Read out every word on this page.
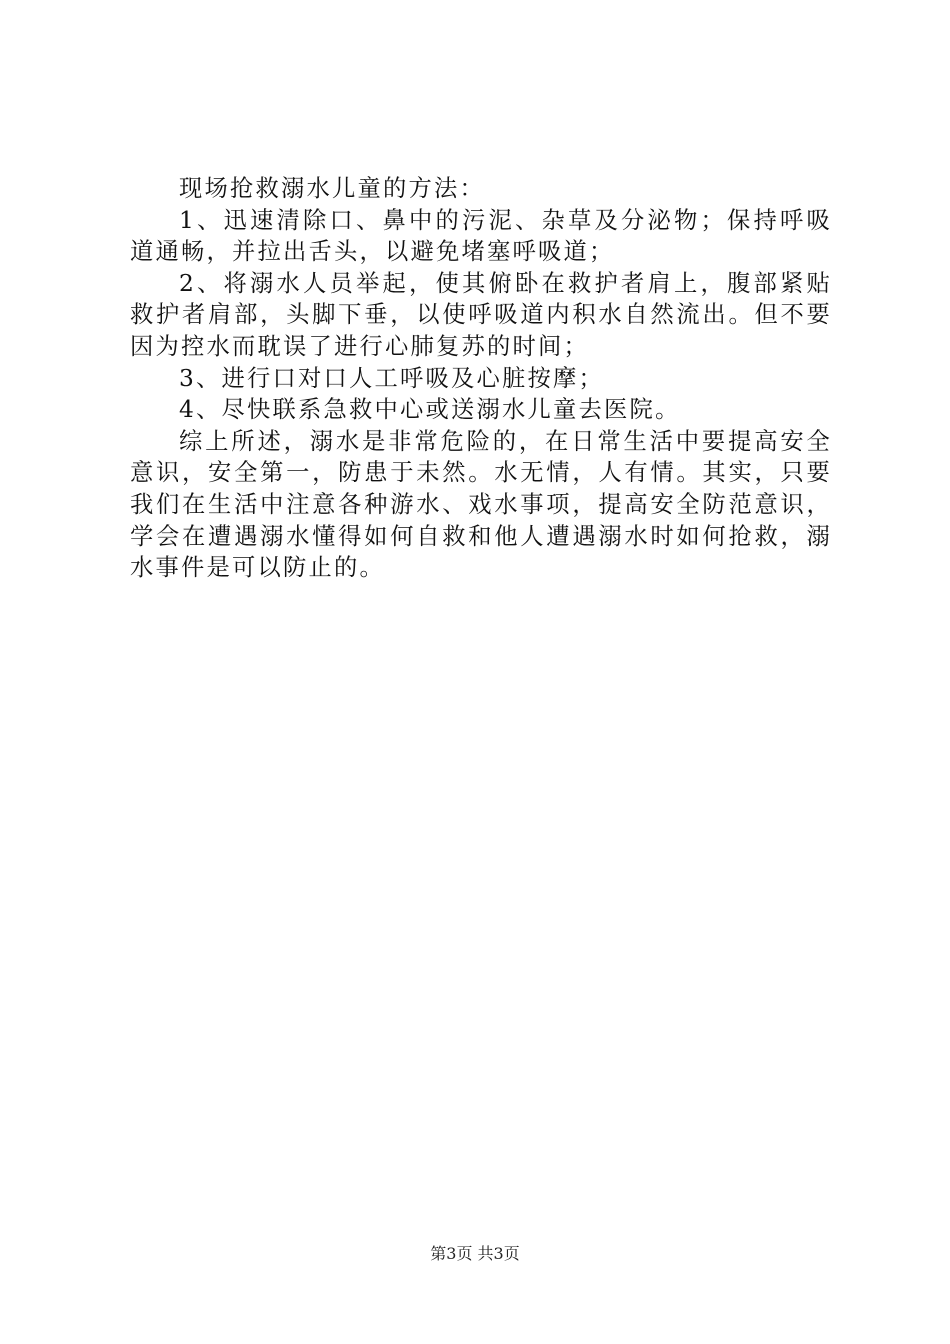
现场抢救溺水儿童的方法：

1、迅速清除口、鼻中的污泥、杂草及分泌物；保持呼吸道通畅，并拉出舌头，以避免堵塞呼吸道；

2、将溺水人员举起，使其俯卧在救护者肩上，腹部紧贴救护者肩部，头脚下垂，以使呼吸道内积水自然流出。但不要因为控水而耽误了进行心肺复苏的时间；

3、进行口对口人工呼吸及心脏按摩；

4、尽快联系急救中心或送溺水儿童去医院。

综上所述，溺水是非常危险的，在日常生活中要提高安全意识，安全第一，防患于未然。水无情，人有情。其实，只要我们在生活中注意各种游水、戏水事项，提高安全防范意识，学会在遭遇溺水懂得如何自救和他人遭遇溺水时如何抢救，溺水事件是可以防止的。

第3页 共3页
